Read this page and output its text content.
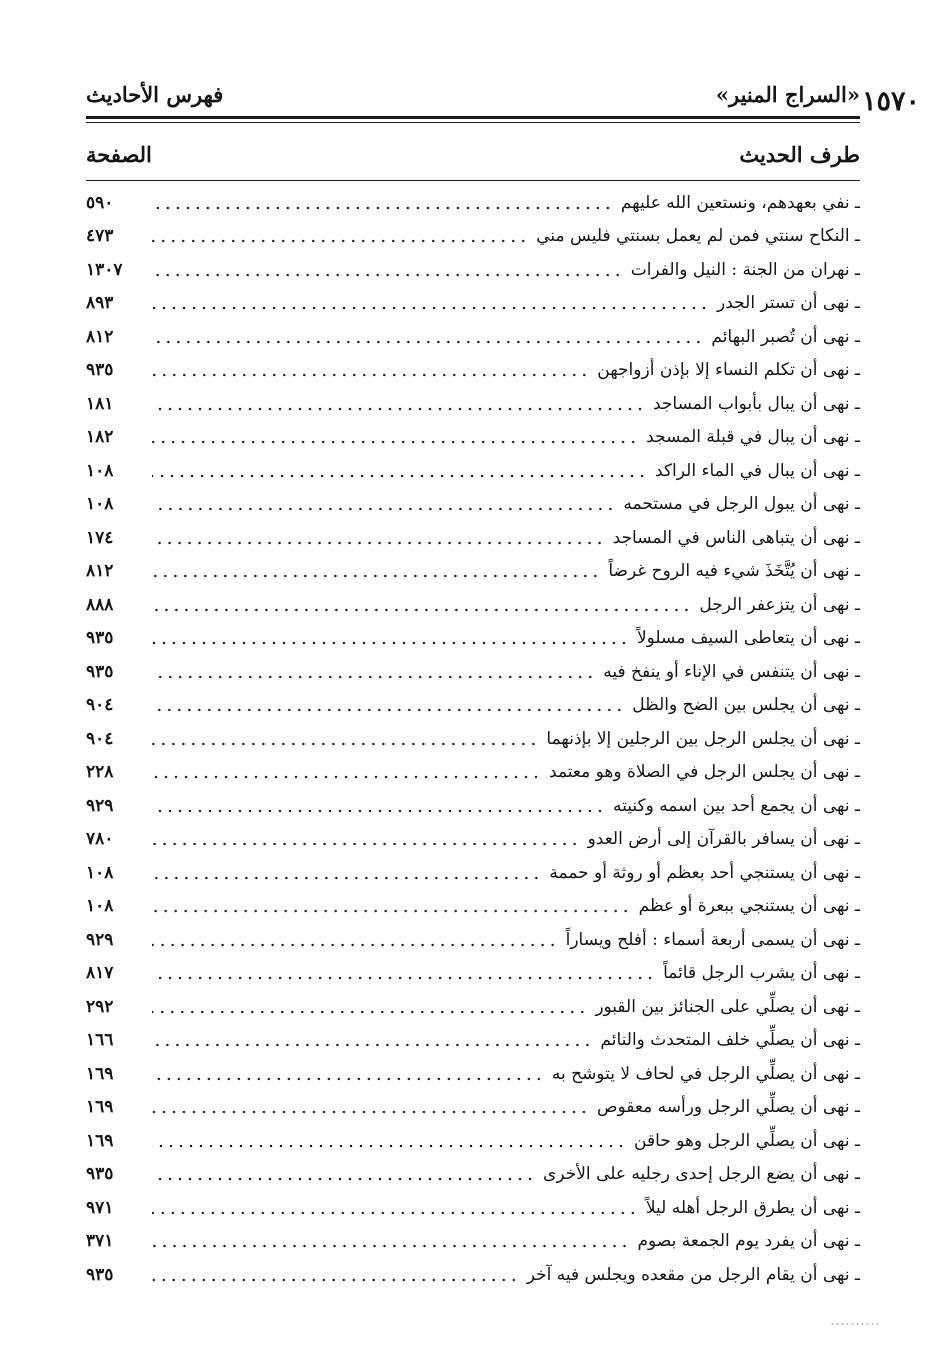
١٥٧٠
«السراج المنير»
فهرس الأحاديث
طرف الحديث
الصفحة
ـ نفي بعهدهم، ونستعين الله عليهم
٥٩٠
ـ النكاح سنتي فمن لم يعمل بسنتي فليس مني
٤٧٣
ـ نهران من الجنة : النيل والفرات
١٣٠٧
ـ نهى أن تستر الجدر
٨٩٣
ـ نهى أن تُصبر البهائم
٨١٢
ـ نهى أن تكلم النساء إلا بإذن أزواجهن
٩٣٥
ـ نهى أن يبال بأبواب المساجد
١٨١
ـ نهى أن يبال في قبلة المسجد
١٨٢
ـ نهى أن يبال في الماء الراكد
١٠٨
ـ نهى أن يبول الرجل في مستحمه
١٠٨
ـ نهى أن يتباهى الناس في المساجد
١٧٤
ـ نهى أن يُتَّخَذَ شيء فيه الروح غرضاً
٨١٢
ـ نهى أن يتزعفر الرجل
٨٨٨
ـ نهى أن يتعاطى السيف مسلولاً
٩٣٥
ـ نهى أن يتنفس في الإناء أو ينفخ فيه
٩٣٥
ـ نهى أن يجلس بين الضح والظل
٩٠٤
ـ نهى أن يجلس الرجل بين الرجلين إلا بإذنهما
٩٠٤
ـ نهى أن يجلس الرجل في الصلاة وهو معتمد
٢٢٨
ـ نهى أن يجمع أحد بين اسمه وكنيته
٩٢٩
ـ نهى أن يسافر بالقرآن إلى أرض العدو
٧٨٠
ـ نهى أن يستنجي أحد بعظم أو روثة أو حممة
١٠٨
ـ نهى أن يستنجي ببعرة أو عظم
١٠٨
ـ نهى أن يسمى أربعة أسماء : أفلح ويساراً
٩٢٩
ـ نهى أن يشرب الرجل قائماً
٨١٧
ـ نهى أن يصلِّي على الجنائز بين القبور
٢٩٢
ـ نهى أن يصلِّي خلف المتحدث والنائم
١٦٦
ـ نهى أن يصلِّي الرجل في لحاف لا يتوشح به
١٦٩
ـ نهى أن يصلِّي الرجل ورأسه معقوص
١٦٩
ـ نهى أن يصلِّي الرجل وهو حاقن
١٦٩
ـ نهى أن يضع الرجل إحدى رجليه على الأخرى
٩٣٥
ـ نهى أن يطرق الرجل أهله ليلاً
٩٧١
ـ نهى أن يفرد يوم الجمعة بصوم
٣٧١
ـ نهى أن يقام الرجل من مقعده ويجلس فيه آخر
٩٣٥
